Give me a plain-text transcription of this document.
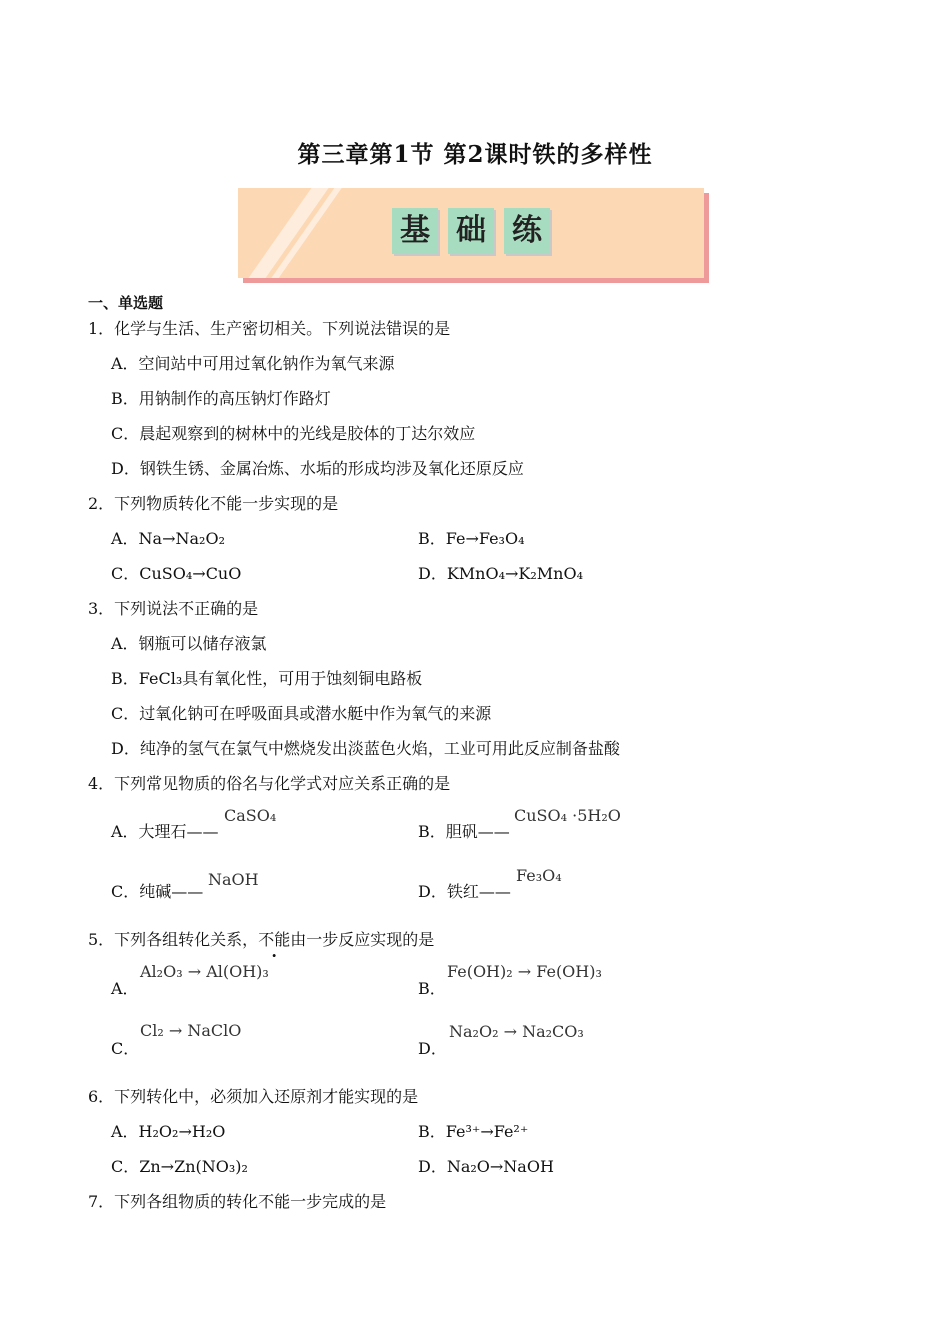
第三章第1节 第2课时铁的多样性
基 础 练
一、单选题
1．化学与生活、生产密切相关。下列说法错误的是
A．空间站中可用过氧化钠作为氧气来源
B．用钠制作的高压钠灯作路灯
C．晨起观察到的树林中的光线是胶体的丁达尔效应
D．钢铁生锈、金属冶炼、水垢的形成均涉及氧化还原反应
2．下列物质转化不能一步实现的是
A．Na→Na₂O₂	B．Fe→Fe₃O₄
C．CuSO₄→CuO	D．KMnO₄→K₂MnO₄
3．下列说法不正确的是
A．钢瓶可以储存液氯
B．FeCl₃具有氧化性，可用于蚀刻铜电路板
C．过氧化钠可在呼吸面具或潜水艇中作为氧气的来源
D．纯净的氢气在氯气中燃烧发出淡蓝色火焰，工业可用此反应制备盐酸
4．下列常见物质的俗名与化学式对应关系正确的是
A．大理石——
CaSO₄
B．胆矾——
CuSO₄ ·5H₂O
C．纯碱——
NaOH
D．铁红——
Fe₃O₄
5．下列各组转化关系，不能由一步反应实现的是
A．
Al₂O₃ → Al(OH)₃
B．
Fe(OH)₂ → Fe(OH)₃
C．
Cl₂ → NaClO
D．
Na₂O₂ → Na₂CO₃
6．下列转化中，必须加入还原剂才能实现的是
A．H₂O₂→H₂O	B．Fe³⁺→Fe²⁺
C．Zn→Zn(NO₃)₂	D．Na₂O→NaOH
7．下列各组物质的转化不能一步完成的是
